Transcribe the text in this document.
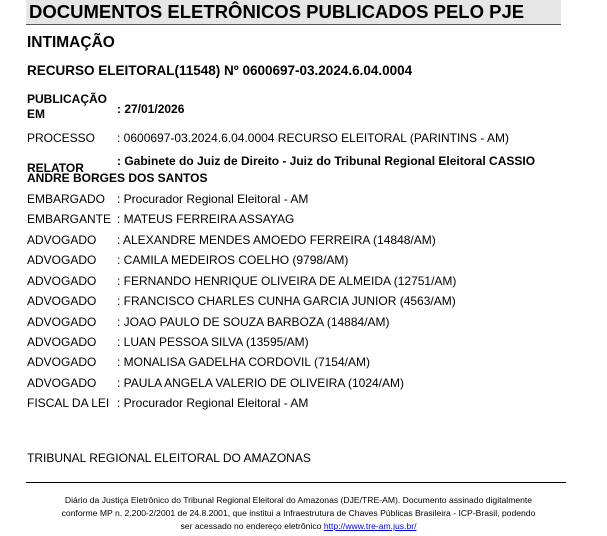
DOCUMENTOS ELETRÔNICOS PUBLICADOS PELO PJE
INTIMAÇÃO
RECURSO ELEITORAL(11548) Nº 0600697-03.2024.6.04.0004
PUBLICAÇÃO
EM	: 27/01/2026
PROCESSO : 0600697-03.2024.6.04.0004 RECURSO ELEITORAL (PARINTINS - AM)
RELATOR	: Gabinete do Juiz de Direito - Juiz do Tribunal Regional Eleitoral CASSIO
ANDRE BORGES DOS SANTOS
EMBARGADO : Procurador Regional Eleitoral - AM
EMBARGANTE : MATEUS FERREIRA ASSAYAG
ADVOGADO : ALEXANDRE MENDES AMOEDO FERREIRA (14848/AM)
ADVOGADO : CAMILA MEDEIROS COELHO (9798/AM)
ADVOGADO : FERNANDO HENRIQUE OLIVEIRA DE ALMEIDA (12751/AM)
ADVOGADO : FRANCISCO CHARLES CUNHA GARCIA JUNIOR (4563/AM)
ADVOGADO : JOAO PAULO DE SOUZA BARBOZA (14884/AM)
ADVOGADO : LUAN PESSOA SILVA (13595/AM)
ADVOGADO : MONALISA GADELHA CORDOVIL (7154/AM)
ADVOGADO : PAULA ANGELA VALERIO DE OLIVEIRA (1024/AM)
FISCAL DA LEI : Procurador Regional Eleitoral - AM
TRIBUNAL REGIONAL ELEITORAL DO AMAZONAS
Diário da Justiça Eletrônico do Tribunal Regional Eleitoral do Amazonas (DJE/TRE-AM). Documento assinado digitalmente
conforme MP n. 2.200-2/2001 de 24.8.2001, que institui a Infraestrutura de Chaves Públicas Brasileira - ICP-Brasil, podendo
ser acessado no endereço eletrônico http://www.tre-am.jus.br/
